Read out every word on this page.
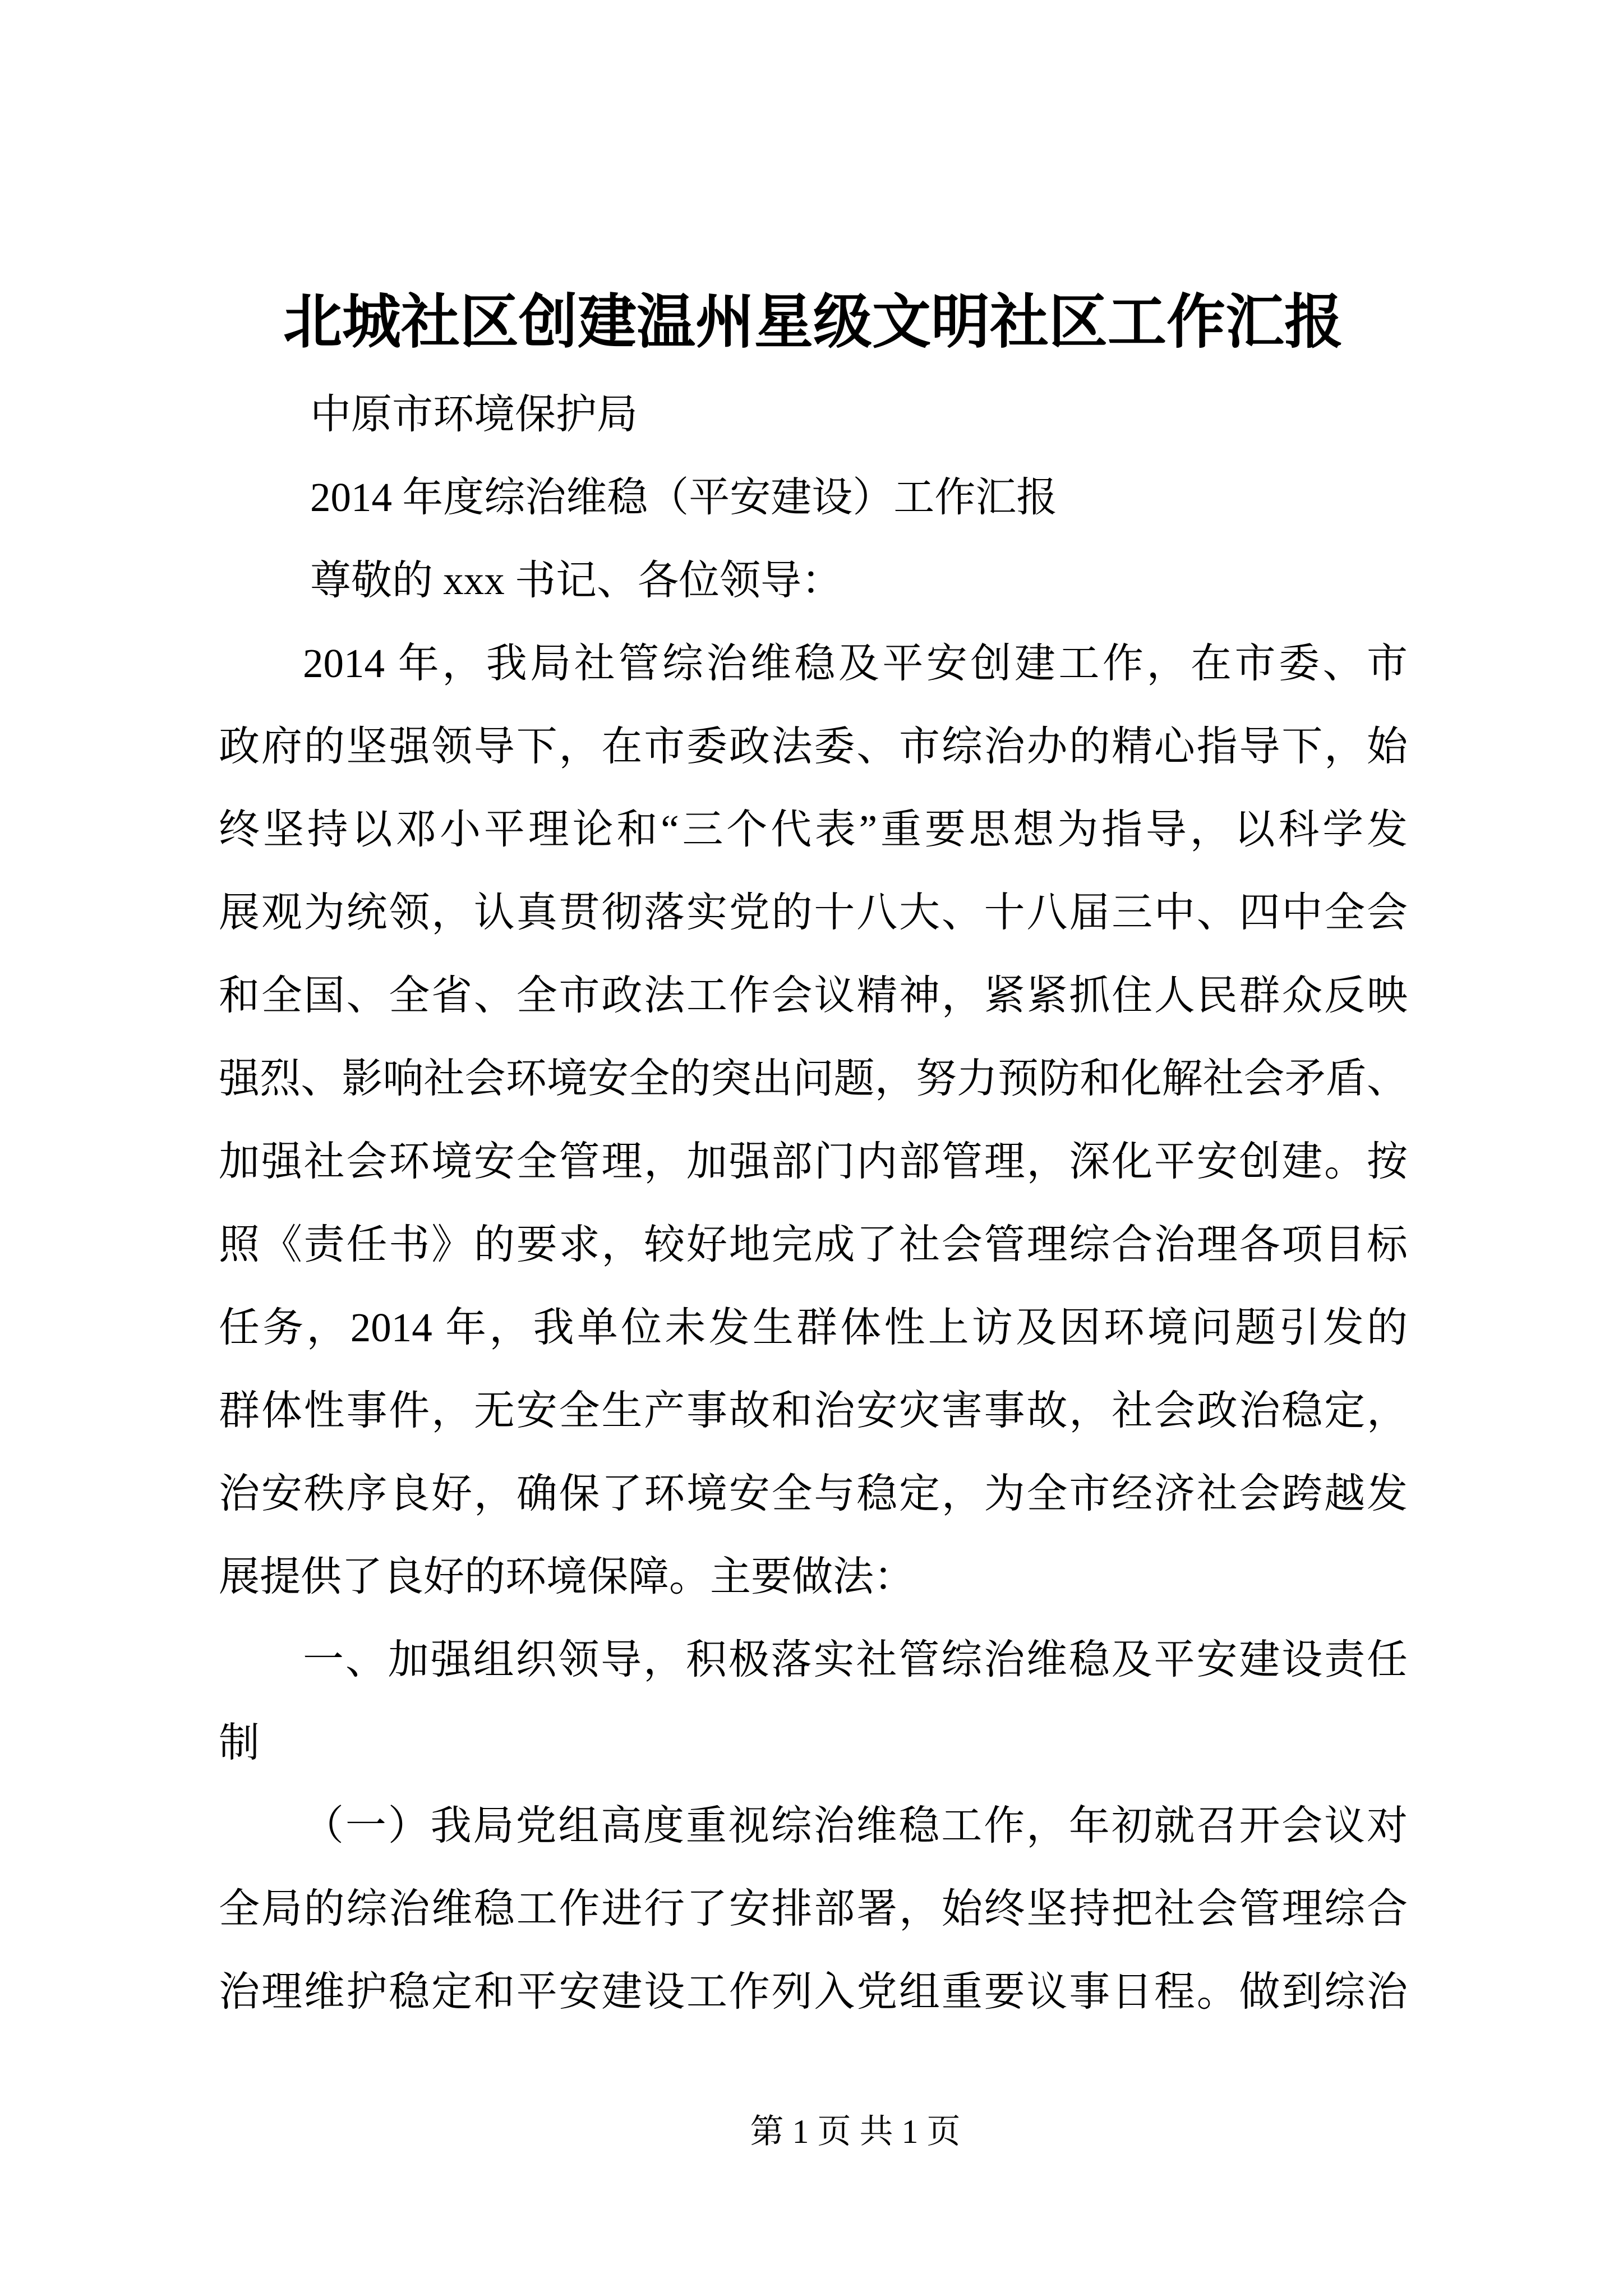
北城社区创建温州星级文明社区工作汇报
中原市环境保护局
2014 年度综治维稳（平安建设）工作汇报
尊敬的 xxx 书记、各位领导：
2014 年，我局社管综治维稳及平安创建工作，在市委、市
政府的坚强领导下，在市委政法委、市综治办的精心指导下，始
终坚持以邓小平理论和“三个代表”重要思想为指导，以科学发
展观为统领，认真贯彻落实党的十八大、十八届三中、四中全会
和全国、全省、全市政法工作会议精神，紧紧抓住人民群众反映
强烈、影响社会环境安全的突出问题，努力预防和化解社会矛盾、
加强社会环境安全管理，加强部门内部管理，深化平安创建。按
照《责任书》的要求，较好地完成了社会管理综合治理各项目标
任务，2014 年，我单位未发生群体性上访及因环境问题引发的
群体性事件，无安全生产事故和治安灾害事故，社会政治稳定，
治安秩序良好，确保了环境安全与稳定，为全市经济社会跨越发
展提供了良好的环境保障。主要做法：
一、加强组织领导，积极落实社管综治维稳及平安建设责任
制
（一）我局党组高度重视综治维稳工作，年初就召开会议对
全局的综治维稳工作进行了安排部署，始终坚持把社会管理综合
治理维护稳定和平安建设工作列入党组重要议事日程。做到综治
第 1 页 共 1 页
